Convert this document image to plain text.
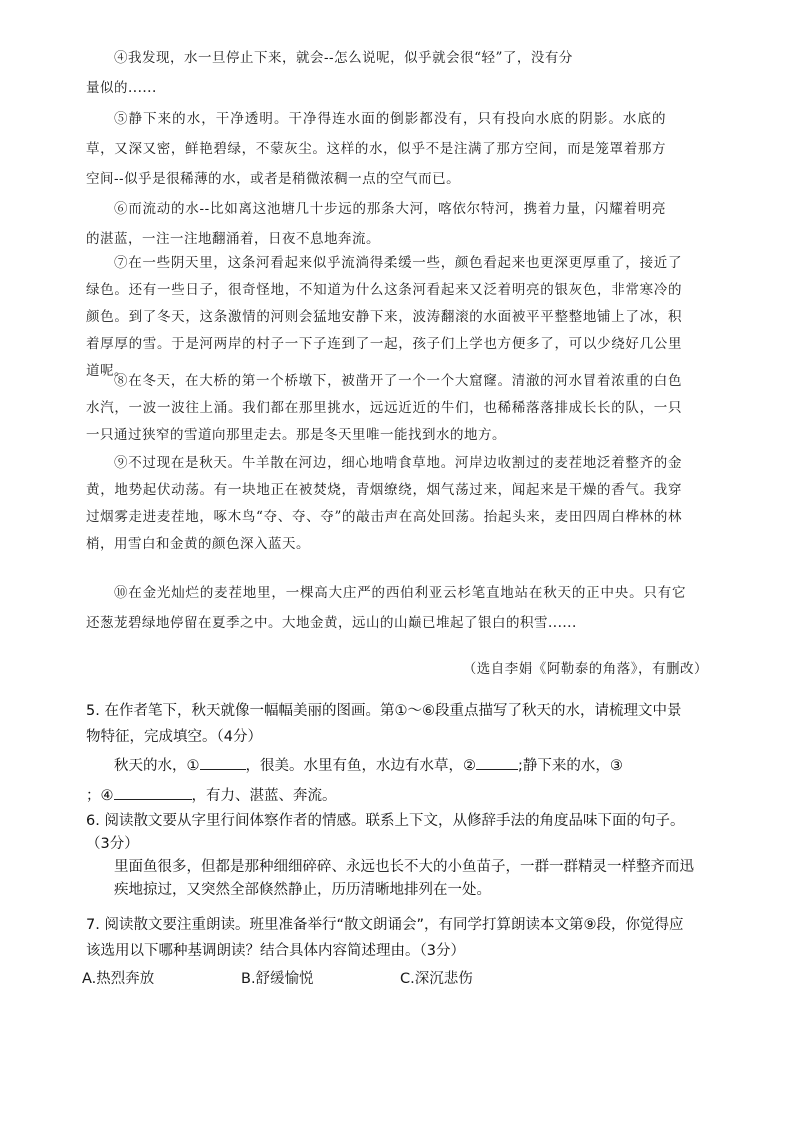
④我发现，水一旦停止下来，就会--怎么说呢，似乎就会很“轻”了，没有分
量似的......
⑤静下来的水，干净透明。干净得连水面的倒影都没有，只有投向水底的阴影。水底的草，又深又密，鲜艳碧绿，不蒙灰尘。这样的水，似乎不是注满了那方空间，而是笼罩着那方空间--似乎是很稀薄的水，或者是稍微浓稠一点的空气而已。
⑥而流动的水--比如离这池塘几十步远的那条大河，喀依尔特河，携着力量，闪耀着明亮的湛蓝，一注一注地翻涌着，日夜不息地奔流。
⑦在一些阴天里，这条河看起来似乎流淌得柔缓一些，颜色看起来也更深更厚重了，接近了绿色。还有一些日子，很奇怪地，不知道为什么这条河看起来又泛着明亮的银灰色，非常寒冷的颜色。到了冬天，这条激情的河则会猛地安静下来，波涛翻滚的水面被平平整整地铺上了冰，积着厚厚的雪。于是河两岸的村子一下子连到了一起，孩子们上学也方便多了，可以少绕好几公里道呢。
⑧在冬天，在大桥的第一个桥墩下，被凿开了一个一个大窟窿。清澈的河水冒着浓重的白色水汽，一波一波往上涌。我们都在那里挑水，远远近近的牛们，也稀稀落落排成长长的队，一只一只通过狭窄的雪道向那里走去。那是冬天里唯一能找到水的地方。
⑨不过现在是秋天。牛羊散在河边，细心地啃食草地。河岸边收割过的麦茬地泛着整齐的金黄，地势起伏动荡。有一块地正在被焚烧，青烟缭绕，烟气荡过来，闻起来是干燥的香气。我穿过烟雾走进麦茬地，啄木鸟“夺、夺、夺”的敲击声在高处回荡。抬起头来，麦田四周白桦林的林梢，用雪白和金黄的颜色深入蓝天。
⑩在金光灿烂的麦茬地里，一棵高大庄严的西伯利亚云杉笔直地站在秋天的正中央。只有它还葱茏碧绿地停留在夏季之中。大地金黄，远山的山巅已堆起了银白的积雪......
（选自李娟《阿勒泰的角落》，有删改）
5. 在作者笔下，秋天就像一幅幅美丽的图画。第①～⑥段重点描写了秋天的水，请梳理文中景物特征，完成填空。（4分）
秋天的水，①	，很美。水里有鱼，水边有水草，②	;静下来的水，③
；④	，有力、湛蓝、奔流。
6. 阅读散文要从字里行间体察作者的情感。联系上下文，从修辞手法的角度品味下面的句子。（3分）
里面鱼很多，但都是那种细细碎碎、永远也长不大的小鱼苗子，一群一群精灵一样整齐而迅疾地掠过，又突然全部倏然静止，历历清晰地排列在一处。
7. 阅读散文要注重朗读。班里准备举行“散文朗诵会”，有同学打算朗读本文第⑨段，你觉得应该选用以下哪种基调朗读？结合具体内容简述理由。（3分）
A.热烈奔放	B.舒缓愉悦	C.深沉悲伤
